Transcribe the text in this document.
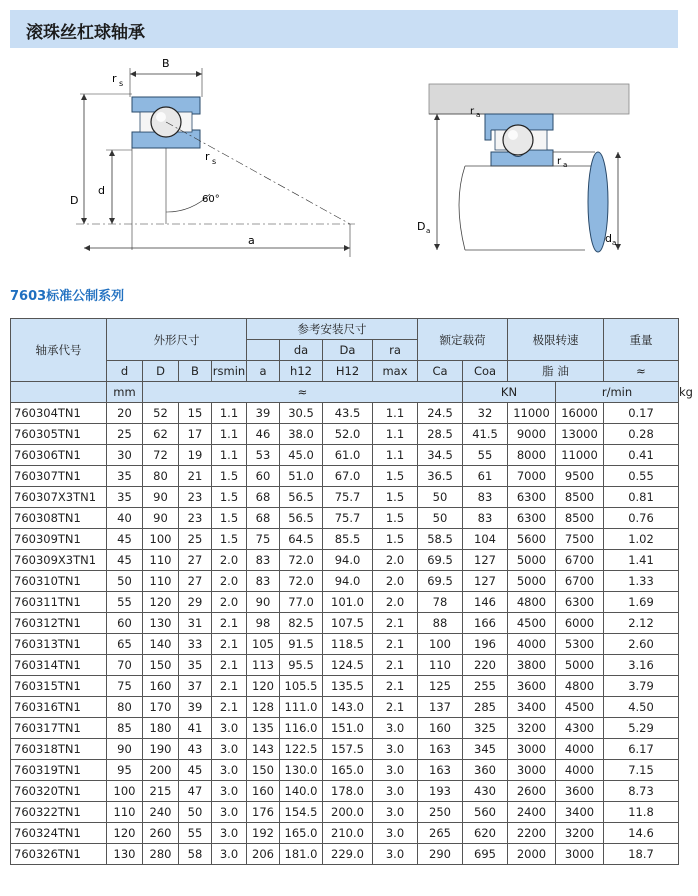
滚珠丝杠球轴承
B
r s
D
d
60°
r s
a
r a
r a
D a
d a
7603标准公制系列
轴承代号	外形尺寸				参考安装尺寸				额定载荷		极限转速		重量	
						da	Da	ra						
	d	D	B	rsmin	a	h12	H12	max	Ca	Coa	脂 油		≈	
	mm	≈								KN		r/min		kg
760304TN1	20	52	15	1.1	39	30.5	43.5	1.1	24.5	32	11000	16000	0.17	
760305TN1	25	62	17	1.1	46	38.0	52.0	1.1	28.5	41.5	9000	13000	0.28	
760306TN1	30	72	19	1.1	53	45.0	61.0	1.1	34.5	55	8000	11000	0.41	
760307TN1	35	80	21	1.5	60	51.0	67.0	1.5	36.5	61	7000	9500	0.55	
760307X3TN1	35	90	23	1.5	68	56.5	75.7	1.5	50	83	6300	8500	0.81	
760308TN1	40	90	23	1.5	68	56.5	75.7	1.5	50	83	6300	8500	0.76	
760309TN1	45	100	25	1.5	75	64.5	85.5	1.5	58.5	104	5600	7500	1.02	
760309X3TN1	45	110	27	2.0	83	72.0	94.0	2.0	69.5	127	5000	6700	1.41	
760310TN1	50	110	27	2.0	83	72.0	94.0	2.0	69.5	127	5000	6700	1.33	
760311TN1	55	120	29	2.0	90	77.0	101.0	2.0	78	146	4800	6300	1.69	
760312TN1	60	130	31	2.1	98	82.5	107.5	2.1	88	166	4500	6000	2.12	
760313TN1	65	140	33	2.1	105	91.5	118.5	2.1	100	196	4000	5300	2.60	
760314TN1	70	150	35	2.1	113	95.5	124.5	2.1	110	220	3800	5000	3.16	
760315TN1	75	160	37	2.1	120	105.5	135.5	2.1	125	255	3600	4800	3.79	
760316TN1	80	170	39	2.1	128	111.0	143.0	2.1	137	285	3400	4500	4.50	
760317TN1	85	180	41	3.0	135	116.0	151.0	3.0	160	325	3200	4300	5.29	
760318TN1	90	190	43	3.0	143	122.5	157.5	3.0	163	345	3000	4000	6.17	
760319TN1	95	200	45	3.0	150	130.0	165.0	3.0	163	360	3000	4000	7.15	
760320TN1	100	215	47	3.0	160	140.0	178.0	3.0	193	430	2600	3600	8.73	
760322TN1	110	240	50	3.0	176	154.5	200.0	3.0	250	560	2400	3400	11.8	
760324TN1	120	260	55	3.0	192	165.0	210.0	3.0	265	620	2200	3200	14.6	
760326TN1	130	280	58	3.0	206	181.0	229.0	3.0	290	695	2000	3000	18.7	
